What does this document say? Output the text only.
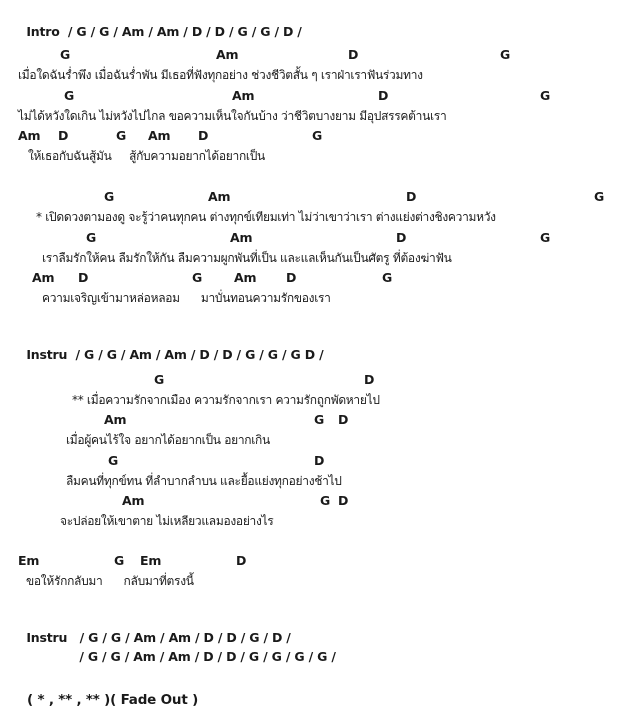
Intro / G / G / Am / Am / D / D / G / G / D /

G	Am	D	G
เมื่อใดฉันร่ำพึง เมื่อฉันร่ำพัน มีเธอที่ฟังทุกอย่าง ช่วงชีวิตสั้น ๆ เราฝ่าเราฟันร่วมทาง
G	Am	D	G
ไม่ได้หวังใดเกิน ไม่หวังไปไกล ขอความเห็นใจกันบ้าง ว่าชีวิตบางยาม มีอุปสรรคต้านเรา
Am D	G Am D	G
ให้เธอกับฉันสู้มัน     สู้กับความอยากได้อยากเป็น
G	Am	D	G
* เปิดดวงตามองดู จะรู้ว่าคนทุกคน ต่างทุกข์เทียมเท่า ไม่ว่าเขาว่าเรา ต่างแย่งต่างชิงความหวัง
G	Am	D	G
เราลืมรักให้คน ลืมรักให้กัน ลืมความผูกพันที่เป็น และแลเห็นกันเป็นศัตรู ที่ต้องฆ่าฟัน
Am D	G	Am D	G
ความเจริญเข้ามาหล่อหลอม      มาบั่นทอนความรักของเรา

Instru / G / G / Am / Am / D / D / G / G / G D /

G	D
** เมื่อความรักจากเมือง ความรักจากเรา ความรักถูกพัดหายไป
Am	G D
เมื่อผู้คนไร้ใจ อยากได้อยากเป็น อยากเกิน
G	D
ลืมคนที่ทุกข์ทน ที่ลำบากลำบน และยื้อแย่งทุกอย่างช้าไป
Am	G D
จะปล่อยให้เขาตาย ไม่เหลียวแลมองอย่างไร
Em	G Em	D
ขอให้รักกลับมา      กลับมาที่ตรงนี้

Instru / G / G / Am / Am / D / D / G / D /

/ G / G / Am / Am / D / D / G / G / G / G /

( * , ** , ** )( Fade Out )
